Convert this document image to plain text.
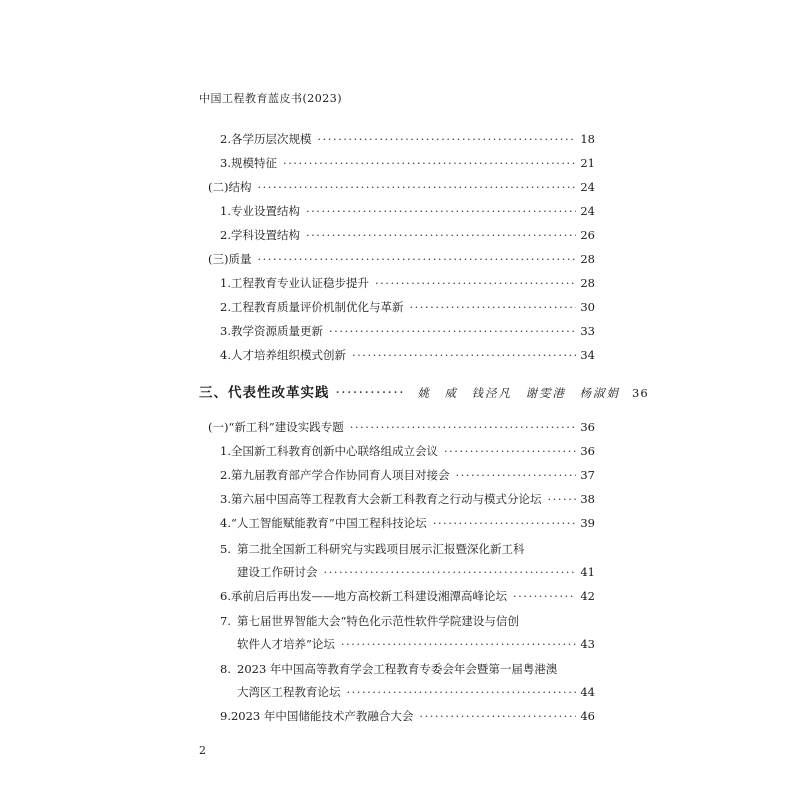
中国工程教育蓝皮书(2023)
2. 各学历层次规模 ·····	18
3. 规模特征 ·····	21
(二)结构 ·····	24
1. 专业设置结构 ·····	24
2. 学科设置结构 ·····	26
(三)质量 ·····	28
1. 工程教育专业认证稳步提升 ·····	28
2. 工程教育质量评价机制优化与革新 ·····	30
3. 教学资源质量更新 ·····	33
4. 人才培养组织模式创新 ·····	34
三、代表性改革实践 ·····	姚　威　钱泾凡　谢雯港　杨淑娟 36
(一)“新工科”建设实践专题 ·····	36
1. 全国新工科教育创新中心联络组成立会议 ·····	36
2. 第九届教育部产学合作协同育人项目对接会 ·····	37
3. 第六届中国高等工程教育大会新工科教育之行动与模式分论坛 ·····	38
4. “人工智能赋能教育”中国工程科技论坛 ·····	39
5. 第二批全国新工科研究与实践项目展示汇报暨深化新工科
建设工作研讨会 ·····	41
6. 承前启后再出发——地方高校新工科建设湘潭高峰论坛 ·····	42
7. 第七届世界智能大会“特色化示范性软件学院建设与信创
软件人才培养”论坛 ·····	43
8. 2023 年中国高等教育学会工程教育专委会年会暨第一届粤港澳
大湾区工程教育论坛 ·····	44
9. 2023 年中国储能技术产教融合大会 ·····	46
2
